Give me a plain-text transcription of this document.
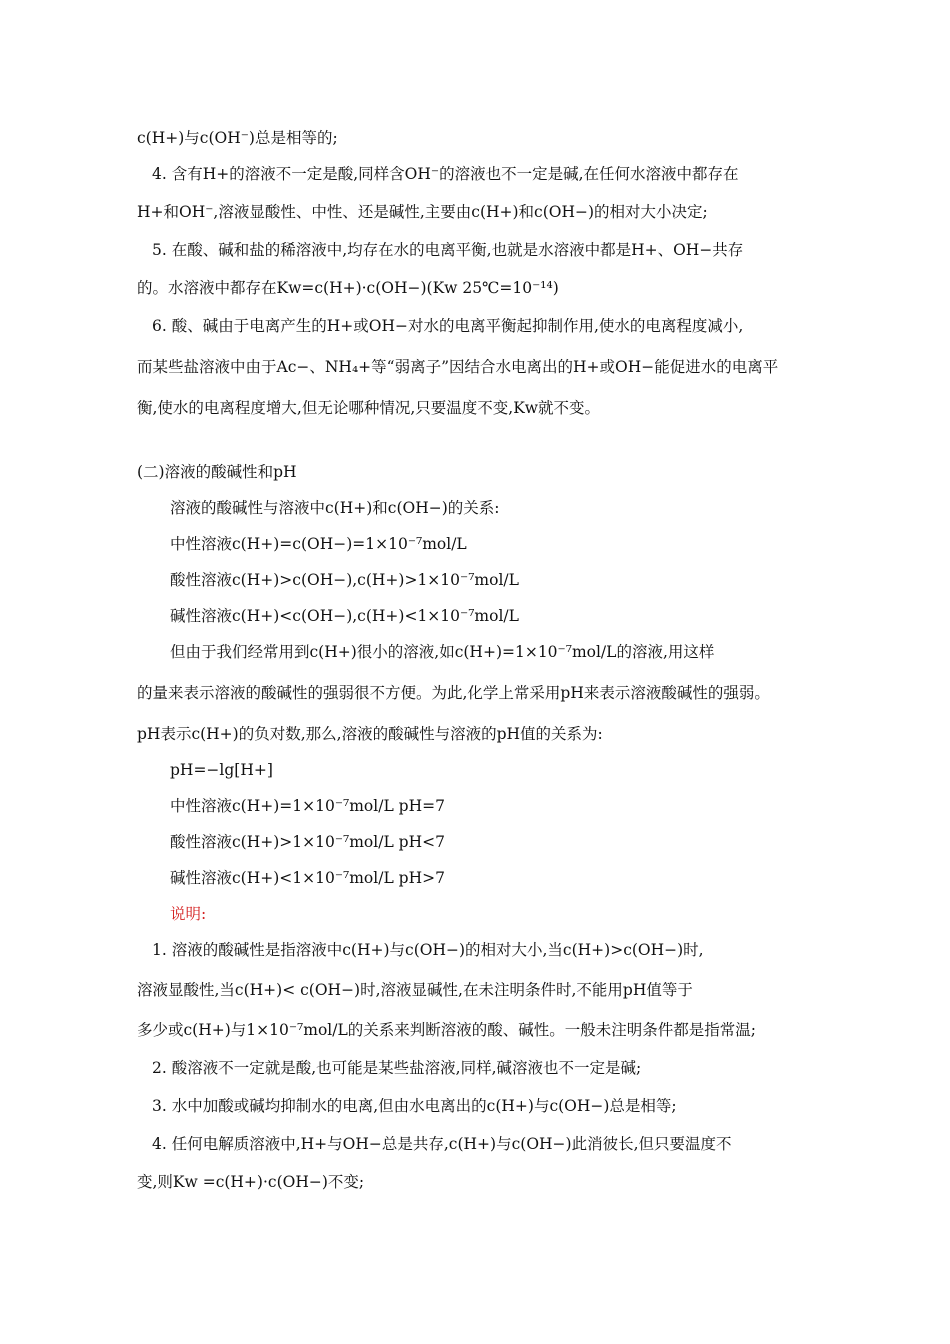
c(H+)与c(OH⁻)总是相等的;
4. 含有H+的溶液不一定是酸,同样含OH⁻的溶液也不一定是碱,在任何水溶液中都存在
H+和OH⁻,溶液显酸性、中性、还是碱性,主要由c(H+)和c(OH−)的相对大小决定;
5. 在酸、碱和盐的稀溶液中,均存在水的电离平衡,也就是水溶液中都是H+、OH−共存
的。水溶液中都存在Kw=c(H+)·c(OH−)(Kw 25℃=10⁻¹⁴)
6. 酸、碱由于电离产生的H+或OH−对水的电离平衡起抑制作用,使水的电离程度减小,
而某些盐溶液中由于Ac−、NH₄+等“弱离子”因结合水电离出的H+或OH−能促进水的电离平
衡,使水的电离程度增大,但无论哪种情况,只要温度不变,Kw就不变。
(二)溶液的酸碱性和pH
溶液的酸碱性与溶液中c(H+)和c(OH−)的关系:
中性溶液c(H+)=c(OH−)=1×10⁻⁷mol/L
酸性溶液c(H+)>c(OH−),c(H+)>1×10⁻⁷mol/L
碱性溶液c(H+)<c(OH−),c(H+)<1×10⁻⁷mol/L
但由于我们经常用到c(H+)很小的溶液,如c(H+)=1×10⁻⁷mol/L的溶液,用这样
的量来表示溶液的酸碱性的强弱很不方便。为此,化学上常采用pH来表示溶液酸碱性的强弱。
pH表示c(H+)的负对数,那么,溶液的酸碱性与溶液的pH值的关系为:
pH=−lg[H+]
中性溶液c(H+)=1×10⁻⁷mol/L pH=7
酸性溶液c(H+)>1×10⁻⁷mol/L pH<7
碱性溶液c(H+)<1×10⁻⁷mol/L pH>7
说明:
1. 溶液的酸碱性是指溶液中c(H+)与c(OH−)的相对大小,当c(H+)>c(OH−)时,
溶液显酸性,当c(H+)< c(OH−)时,溶液显碱性,在未注明条件时,不能用pH值等于
多少或c(H+)与1×10⁻⁷mol/L的关系来判断溶液的酸、碱性。一般未注明条件都是指常温;
2. 酸溶液不一定就是酸,也可能是某些盐溶液,同样,碱溶液也不一定是碱;
3. 水中加酸或碱均抑制水的电离,但由水电离出的c(H+)与c(OH−)总是相等;
4. 任何电解质溶液中,H+与OH−总是共存,c(H+)与c(OH−)此消彼长,但只要温度不
变,则Kw =c(H+)·c(OH−)不变;
